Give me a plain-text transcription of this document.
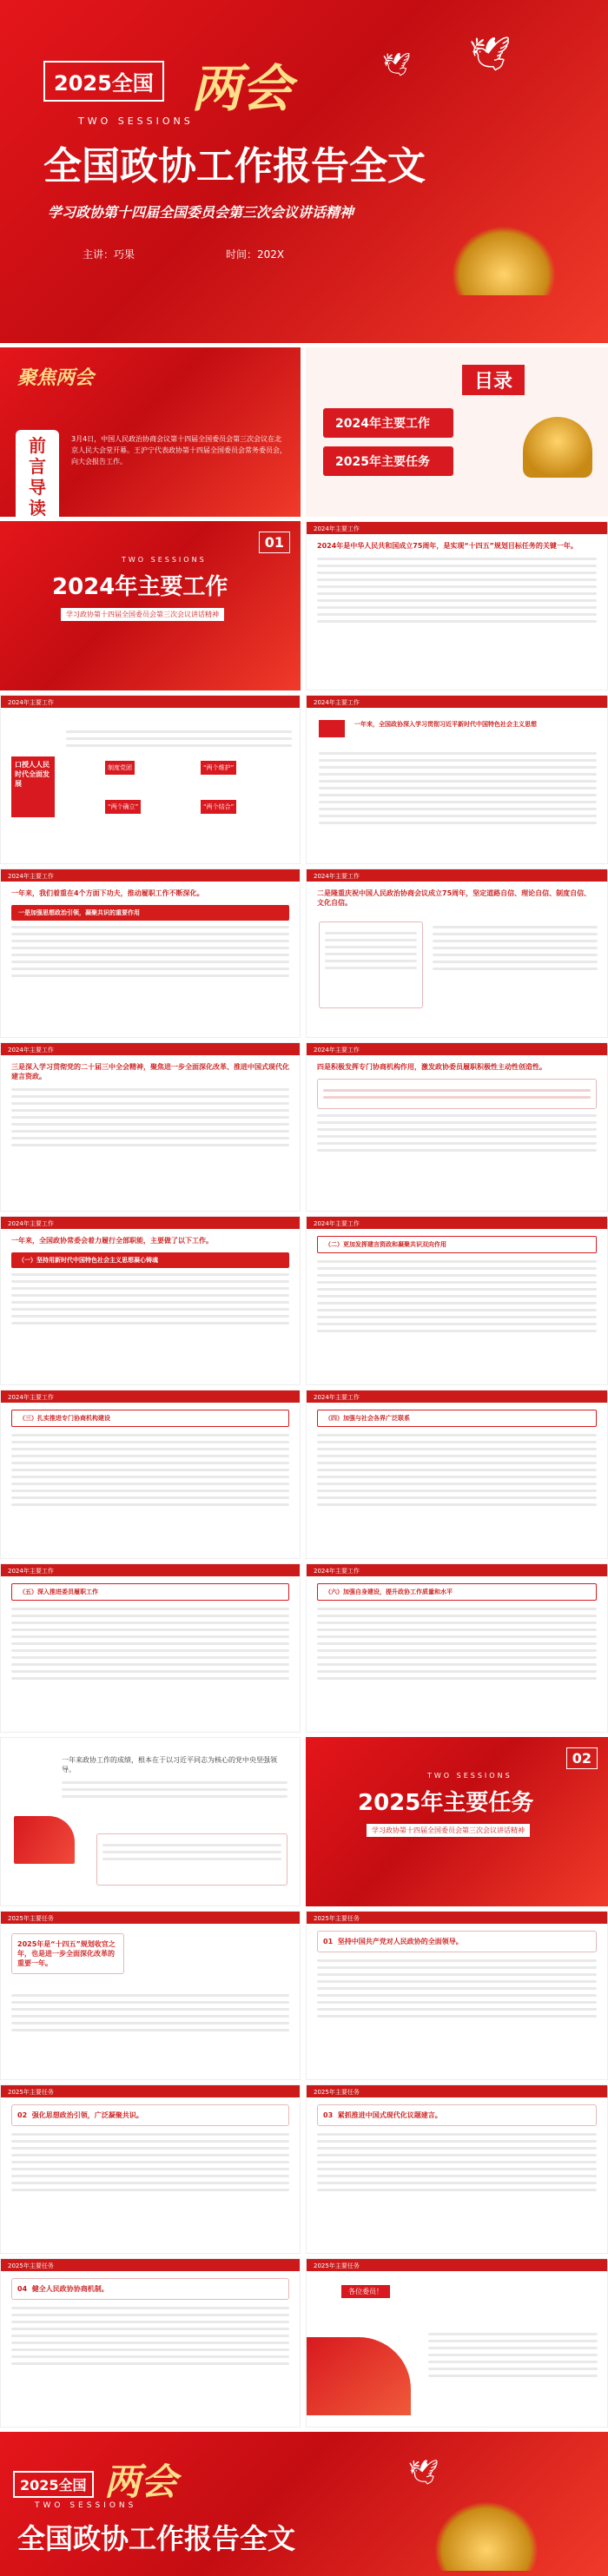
🕊 🕊
2025全国 两会
TWO SESSIONS
全国政协工作报告全文
学习政协第十四届全国委员会第三次会议讲话精神
主讲：巧果	时间：202X
聚焦两会
前言导读
3月4日，中国人民政治协商会议第十四届全国委员会第三次会议在北京人民大会堂开幕。王沪宁代表政协第十四届全国委员会常务委员会，向大会报告工作。
目录
2024年主要工作
2025年主要任务
01
TWO SESSIONS
2024年主要工作
学习政协第十四届全国委员会第三次会议讲话精神
2024年主要工作
2024年是中华人民共和国成立75周年，是实现“十四五”规划目标任务的关键一年。
2024年主要工作
口授人人民时代全面发展
制度党团	“两个维护”
“两个确立”	“两个结合”
2024年主要工作
一年来，全国政协深入学习贯彻习近平新时代中国特色社会主义思想
2024年主要工作
一年来，我们着重在4个方面下功夫，推动履职工作不断深化。
一是加强思想政治引领，凝聚共识的重要作用
2024年主要工作
二是隆重庆祝中国人民政治协商会议成立75周年，坚定道路自信、理论自信、制度自信、文化自信。
2024年主要工作
三是深入学习贯彻党的二十届三中全会精神，聚焦进一步全面深化改革、推进中国式现代化建言资政。
2024年主要工作
四是积极发挥专门协商机构作用，激发政协委员履职积极性主动性创造性。
2024年主要工作
一年来，全国政协常委会着力履行全部职能，主要做了以下工作。
（一）坚持用新时代中国特色社会主义思想凝心铸魂
2024年主要工作
（二）更加发挥建言资政和凝聚共识双向作用
2024年主要工作
（三）扎实推进专门协商机构建设
2024年主要工作
（四）加强与社会各界广泛联系
2024年主要工作
（五）深入推进委员履职工作
2024年主要工作
（六）加强自身建设，提升政协工作质量和水平
一年来政协工作的成绩，根本在于以习近平同志为核心的党中央坚强领导。
02
TWO SESSIONS
2025年主要任务
学习政协第十四届全国委员会第三次会议讲话精神
2025年主要任务
2025年是“十四五”规划收官之年，也是进一步全面深化改革的重要一年。
2025年主要任务
01 坚持中国共产党对人民政协的全面领导。
2025年主要任务
02 强化思想政治引领，广泛凝聚共识。
2025年主要任务
03 紧抓推进中国式现代化议题建言。
2025年主要任务
04 健全人民政协协商机制。
2025年主要任务
各位委员！
2025全国 两会
TWO SESSIONS
全国政协工作报告全文
🕊
